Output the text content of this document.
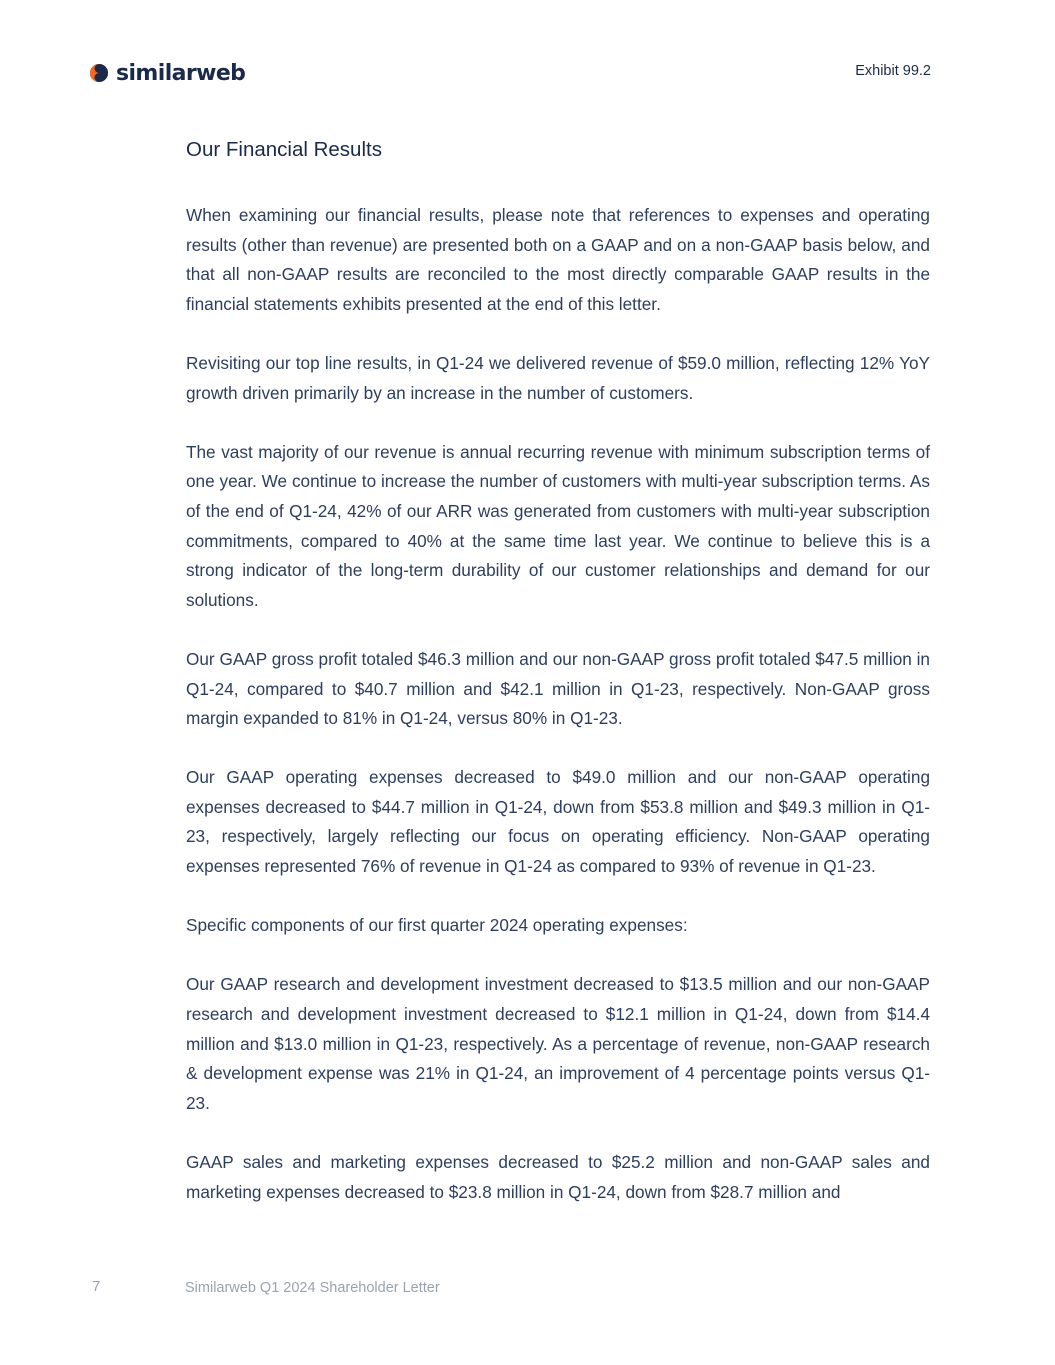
similarweb	Exhibit 99.2
Our Financial Results

When examining our financial results, please note that references to expenses and operating results (other than revenue) are presented both on a GAAP and on a non-GAAP basis below, and that all non-GAAP results are reconciled to the most directly comparable GAAP results in the financial statements exhibits presented at the end of this letter.

Revisiting our top line results, in Q1-24 we delivered revenue of $59.0 million, reflecting 12% YoY growth driven primarily by an increase in the number of customers.

The vast majority of our revenue is annual recurring revenue with minimum subscription terms of one year. We continue to increase the number of customers with multi-year subscription terms. As of the end of Q1-24, 42% of our ARR was generated from customers with multi-year subscription commitments, compared to 40% at the same time last year. We continue to believe this is a strong indicator of the long-term durability of our customer relationships and demand for our solutions.

Our GAAP gross profit totaled $46.3 million and our non-GAAP gross profit totaled $47.5 million in Q1-24, compared to $40.7 million and $42.1 million in Q1-23, respectively. Non-GAAP gross margin expanded to 81% in Q1-24, versus 80% in Q1-23.

Our GAAP operating expenses decreased to $49.0 million and our non-GAAP operating expenses decreased to $44.7 million in Q1-24, down from $53.8 million and $49.3 million in Q1-23, respectively, largely reflecting our focus on operating efficiency. Non-GAAP operating expenses represented 76% of revenue in Q1-24 as compared to 93% of revenue in Q1-23.

Specific components of our first quarter 2024 operating expenses:

Our GAAP research and development investment decreased to $13.5 million and our non-GAAP research and development investment decreased to $12.1 million in Q1-24, down from $14.4 million and $13.0 million in Q1-23, respectively. As a percentage of revenue, non-GAAP research & development expense was 21% in Q1-24, an improvement of 4 percentage points versus Q1-23.

GAAP sales and marketing expenses decreased to $25.2 million and non-GAAP sales and marketing expenses decreased to $23.8 million in Q1-24, down from $28.7 million and

7	Similarweb Q1 2024 Shareholder Letter
